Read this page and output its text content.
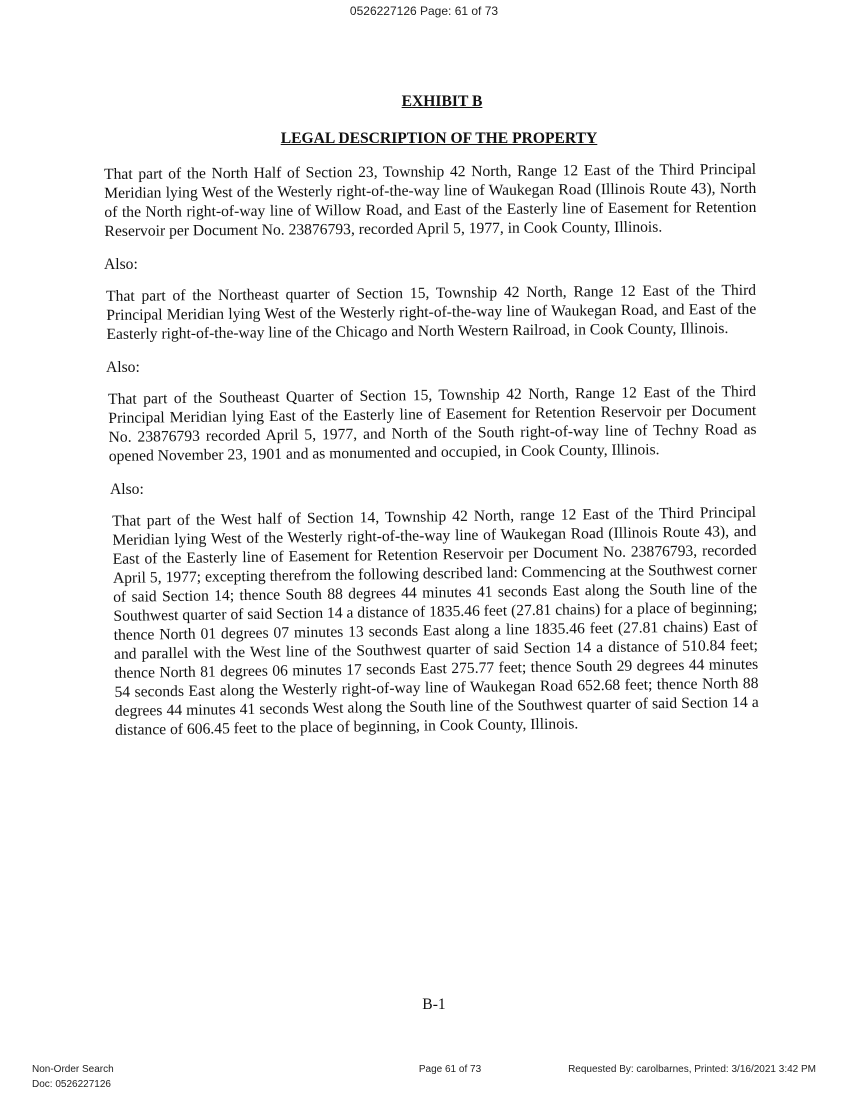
0526227126 Page: 61 of 73
EXHIBIT B
LEGAL DESCRIPTION OF THE PROPERTY

That part of the North Half of Section 23, Township 42 North, Range 12 East of the Third Principal Meridian lying West of the Westerly right-of-the-way line of Waukegan Road (Illinois Route 43), North of the North right-of-way line of Willow Road, and East of the Easterly line of Easement for Retention Reservoir per Document No. 23876793, recorded April 5, 1977, in Cook County, Illinois.

Also:

That part of the Northeast quarter of Section 15, Township 42 North, Range 12 East of the Third Principal Meridian lying West of the Westerly right-of-the-way line of Waukegan Road, and East of the Easterly right-of-the-way line of the Chicago and North Western Railroad, in Cook County, Illinois.

Also:

That part of the Southeast Quarter of Section 15, Township 42 North, Range 12 East of the Third Principal Meridian lying East of the Easterly line of Easement for Retention Reservoir per Document No. 23876793 recorded April 5, 1977, and North of the South right-of-way line of Techny Road as opened November 23, 1901 and as monumented and occupied, in Cook County, Illinois.

Also:

That part of the West half of Section 14, Township 42 North, range 12 East of the Third Principal Meridian lying West of the Westerly right-of-the-way line of Waukegan Road (Illinois Route 43), and East of the Easterly line of Easement for Retention Reservoir per Document No. 23876793, recorded April 5, 1977; excepting therefrom the following described land: Commencing at the Southwest corner of said Section 14; thence South 88 degrees 44 minutes 41 seconds East along the South line of the Southwest quarter of said Section 14 a distance of 1835.46 feet (27.81 chains) for a place of beginning; thence North 01 degrees 07 minutes 13 seconds East along a line 1835.46 feet (27.81 chains) East of and parallel with the West line of the Southwest quarter of said Section 14 a distance of 510.84 feet; thence North 81 degrees 06 minutes 17 seconds East 275.77 feet; thence South 29 degrees 44 minutes 54 seconds East along the Westerly right-of-way line of Waukegan Road 652.68 feet; thence North 88 degrees 44 minutes 41 seconds West along the South line of the Southwest quarter of said Section 14 a distance of 606.45 feet to the place of beginning, in Cook County, Illinois.

B-1
Non-Order Search
Doc: 0526227126
Page 61 of 73	Requested By: carolbarnes, Printed: 3/16/2021 3:42 PM
